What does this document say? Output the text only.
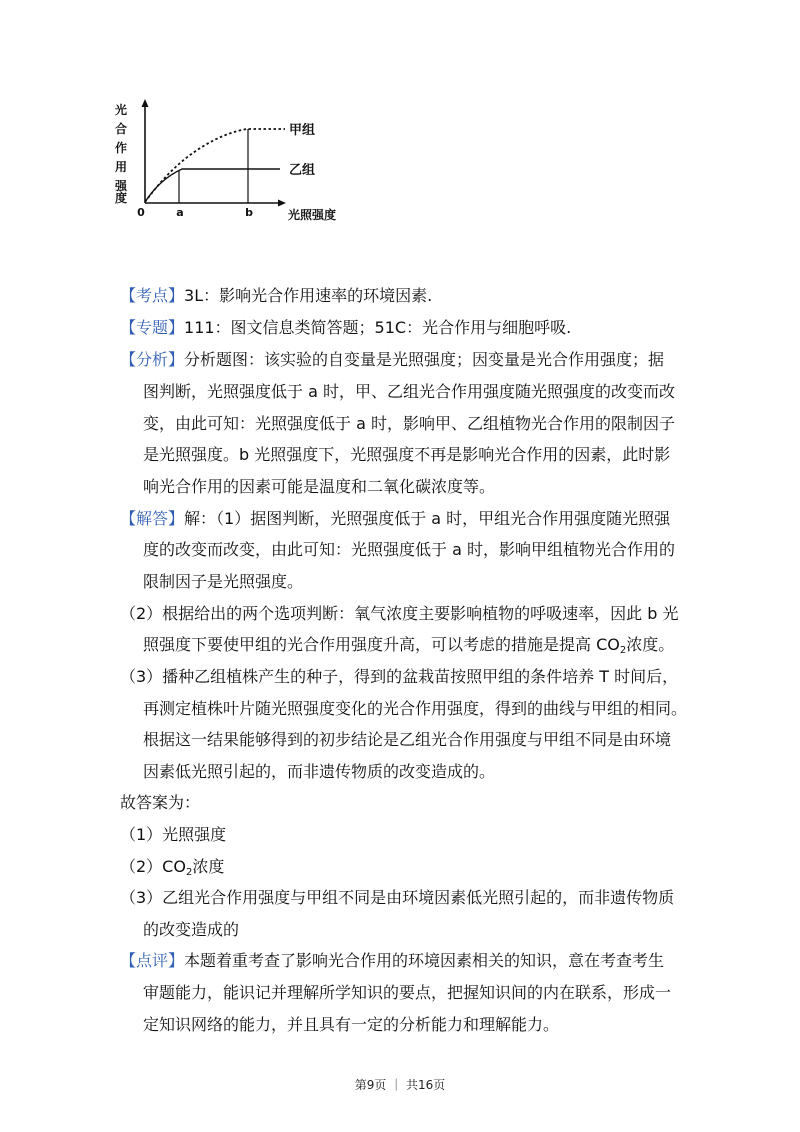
光
合
作
用
强
度
0	a	b	光照强度
甲组
乙组
【考点】3L：影响光合作用速率的环境因素.
【专题】111：图文信息类简答题；51C：光合作用与细胞呼吸.
【分析】分析题图：该实验的自变量是光照强度；因变量是光合作用强度；据
图判断，光照强度低于 a 时，甲、乙组光合作用强度随光照强度的改变而改
变，由此可知：光照强度低于 a 时，影响甲、乙组植物光合作用的限制因子
是光照强度。b 光照强度下，光照强度不再是影响光合作用的因素，此时影
响光合作用的因素可能是温度和二氧化碳浓度等。
【解答】解：（1）据图判断，光照强度低于 a 时，甲组光合作用强度随光照强
度的改变而改变，由此可知：光照强度低于 a 时，影响甲组植物光合作用的
限制因子是光照强度。
（2）根据给出的两个选项判断：氧气浓度主要影响植物的呼吸速率，因此 b 光
照强度下要使甲组的光合作用强度升高，可以考虑的措施是提高 $CO_2$浓度。
（3）播种乙组植株产生的种子，得到的盆栽苗按照甲组的条件培养 T 时间后，
再测定植株叶片随光照强度变化的光合作用强度，得到的曲线与甲组的相同。
根据这一结果能够得到的初步结论是乙组光合作用强度与甲组不同是由环境
因素低光照引起的，而非遗传物质的改变造成的。
故答案为：
（1）光照强度
$(2)CO_2$浓度
（3）乙组光合作用强度与甲组不同是由环境因素低光照引起的，而非遗传物质
的改变造成的
【点评】本题着重考查了影响光合作用的环境因素相关的知识，意在考查考生
审题能力，能识记并理解所学知识的要点，把握知识间的内在联系，形成一
定知识网络的能力，并且具有一定的分析能力和理解能力。
第9页 ｜ 共16页
